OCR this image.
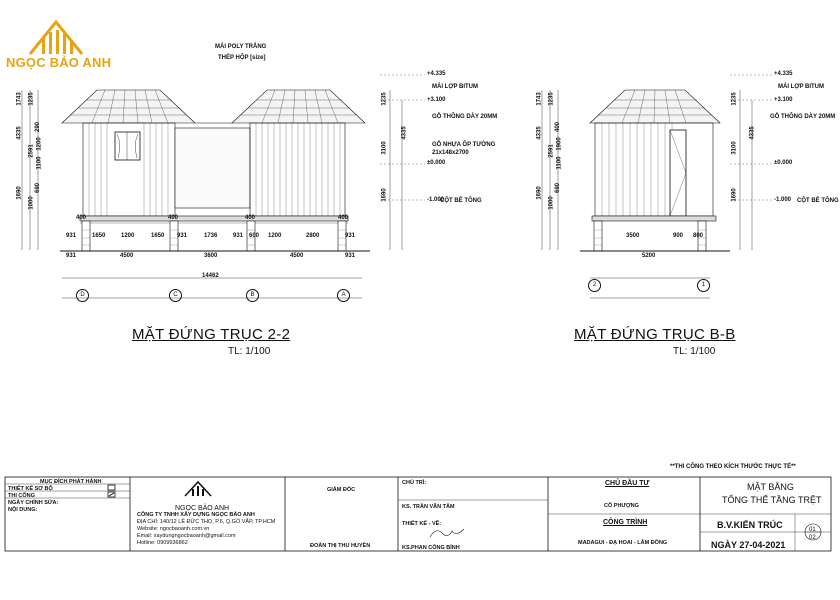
NGỌC BẢO ANH
MÁI POLY TRẮNG
THÉP HỘP [size]
MÁI LỢP BITUM
GỖ THÔNG DÀY 20MM
GỖ NHỰA ỐP TƯỜNG
21x148x2700
CỘT BÊ TÔNG
+4.335
+3.100
±0.000
-1.000
1743 1235
4335
2591
290
1200
1100
1690
1000
690
1235
4335
3100
1690
400	400	400	400
931	1650	1200	1650 931	1736	931 600 1200	2800	931
931	4500	3600	4500	931
14462
D	C	B	A
MẶT ĐỨNG TRỤC 2-2
TL: 1/100
+4.335
+3.100
±0.000
-1.000
MÁI LỢP BITUM
GỖ THÔNG DÀY 20MM
CỘT BÊ TÔNG
1743 1235
4335
2591
400
1900
1100
1690
1000
690
1235
4335
3100
1690
3500	900 800
5200
2	1
MẶT ĐỨNG TRỤC B-B
TL: 1/100
**THI CÔNG THEO KÍCH THƯỚC THỰC TẾ**
MỤC ĐÍCH PHÁT HÀNH
THIẾT KẾ SƠ BỘ
THI CÔNG
NGÀY CHỈNH SỬA:
NỘI DUNG:	NGỌC BẢO ANH
CÔNG TY TNHH XÂY DỰNG NGỌC BẢO ANH
ĐỊA CHỈ: 140/12 LÊ ĐỨC THỌ, P.6, Q.GÒ VẤP, TP.HCM
Website: ngocbaoanh.com.vn
Email: xaydungngocbaoanh@gmail.com
Hotline: 0909936862
GIÁM ĐỐC
ĐOÀN THỊ THU HUYỀN
CHỦ TRÌ:
KS. TRẦN VĂN TÂM
THIẾT KẾ - VẼ:
KS.PHAN CÔNG BÌNH
CHỦ ĐẦU TƯ
CÔ PHƯỢNG
CÔNG TRÌNH
MADAGUI - ĐẠ HOAI - LÂM ĐỒNG
MẶT BẰNG
TỔNG THỂ TẦNG TRỆT
B.V.KIẾN TRÚC
NGÀY 27-04-2021
01
02
